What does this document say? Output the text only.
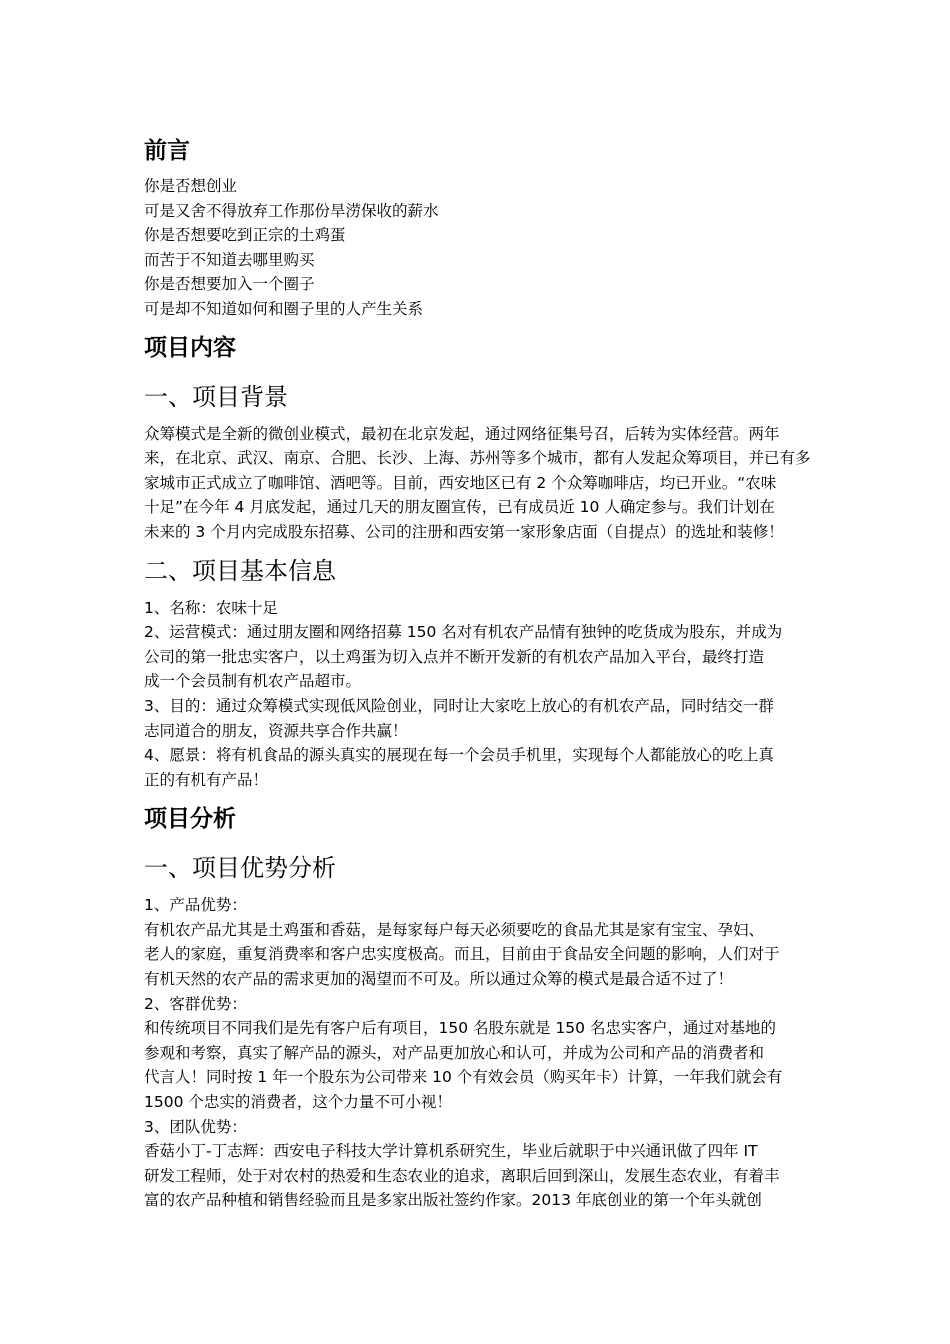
前言

你是否想创业

可是又舍不得放弃工作那份旱涝保收的薪水

你是否想要吃到正宗的土鸡蛋

而苦于不知道去哪里购买

你是否想要加入一个圈子

可是却不知道如何和圈子里的人产生关系

项目内容
一、项目背景

众筹模式是全新的微创业模式，最初在北京发起，通过网络征集号召，后转为实体经营。两年

来，在北京、武汉、南京、合肥、长沙、上海、苏州等多个城市，都有人发起众筹项目，并已有多

家城市正式成立了咖啡馆、酒吧等。目前，西安地区已有 2 个众筹咖啡店，均已开业。“农味

十足”在今年 4 月底发起，通过几天的朋友圈宣传，已有成员近 10 人确定参与。我们计划在

未来的 3 个月内完成股东招募、公司的注册和西安第一家形象店面（自提点）的选址和装修！

二、项目基本信息

1、名称：农味十足

2、运营模式：通过朋友圈和网络招募 150 名对有机农产品情有独钟的吃货成为股东，并成为

公司的第一批忠实客户，以土鸡蛋为切入点并不断开发新的有机农产品加入平台，最终打造

成一个会员制有机农产品超市。

3、目的：通过众筹模式实现低风险创业，同时让大家吃上放心的有机农产品，同时结交一群

志同道合的朋友，资源共享合作共赢！

4、愿景：将有机食品的源头真实的展现在每一个会员手机里，实现每个人都能放心的吃上真

正的有机有产品！

项目分析
一、项目优势分析

1、产品优势：

有机农产品尤其是土鸡蛋和香菇，是每家每户每天必须要吃的食品尤其是家有宝宝、孕妇、

老人的家庭，重复消费率和客户忠实度极高。而且，目前由于食品安全问题的影响，人们对于

有机天然的农产品的需求更加的渴望而不可及。所以通过众筹的模式是最合适不过了！

2、客群优势：

和传统项目不同我们是先有客户后有项目，150 名股东就是 150 名忠实客户，通过对基地的

参观和考察，真实了解产品的源头，对产品更加放心和认可，并成为公司和产品的消费者和

代言人！同时按 1 年一个股东为公司带来 10 个有效会员（购买年卡）计算，一年我们就会有

1500 个忠实的消费者，这个力量不可小视！

3、团队优势：

香菇小丁-丁志辉：西安电子科技大学计算机系研究生，毕业后就职于中兴通讯做了四年 IT

研发工程师，处于对农村的热爱和生态农业的追求，离职后回到深山，发展生态农业，有着丰

富的农产品种植和销售经验而且是多家出版社签约作家。2013 年底创业的第一个年头就创
